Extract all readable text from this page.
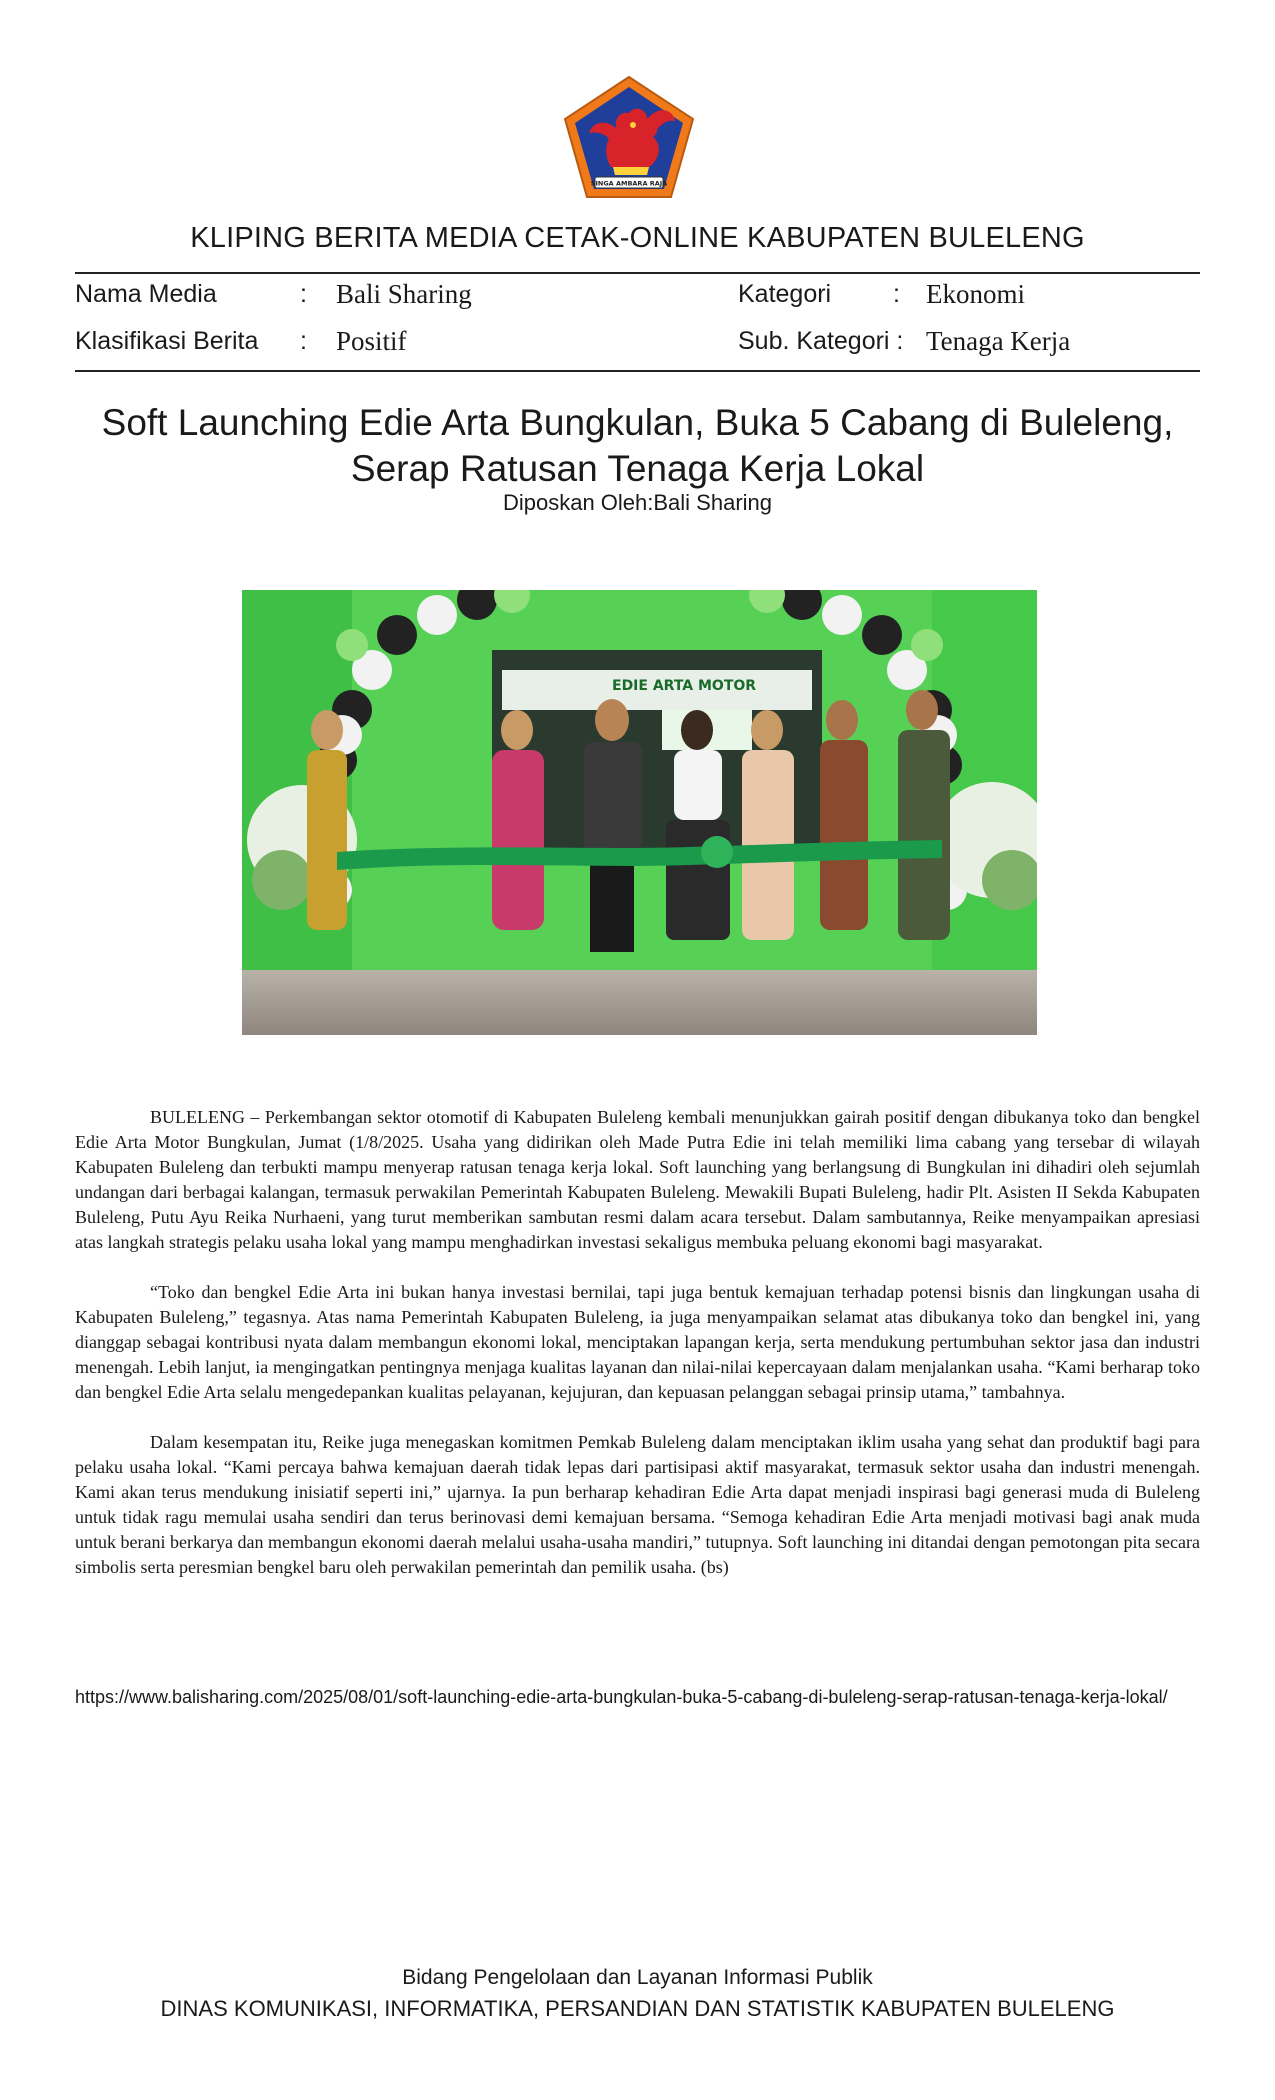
SINGA AMBARA RAJA
KLIPING BERITA MEDIA CETAK-ONLINE KABUPATEN BULELENG
Nama Media	: Bali Sharing	Kategori : Ekonomi
Klasifikasi Berita : Positif	Sub. Kategori : Tenaga Kerja
Soft Launching Edie Arta Bungkulan, Buka 5 Cabang di Buleleng,
Serap Ratusan Tenaga Kerja Lokal
Diposkan Oleh:Bali Sharing
EDIE ARTA MOTOR

BULELENG – Perkembangan sektor otomotif di Kabupaten Buleleng kembali menunjukkan gairah positif dengan dibukanya toko dan bengkel Edie Arta Motor Bungkulan, Jumat (1/8/2025. Usaha yang didirikan oleh Made Putra Edie ini telah memiliki lima cabang yang tersebar di wilayah Kabupaten Buleleng dan terbukti mampu menyerap ratusan tenaga kerja lokal. Soft launching yang berlangsung di Bungkulan ini dihadiri oleh sejumlah undangan dari berbagai kalangan, termasuk perwakilan Pemerintah Kabupaten Buleleng. Mewakili Bupati Buleleng, hadir Plt. Asisten II Sekda Kabupaten Buleleng, Putu Ayu Reika Nurhaeni, yang turut memberikan sambutan resmi dalam acara tersebut. Dalam sambutannya, Reike menyampaikan apresiasi atas langkah strategis pelaku usaha lokal yang mampu menghadirkan investasi sekaligus membuka peluang ekonomi bagi masyarakat.

“Toko dan bengkel Edie Arta ini bukan hanya investasi bernilai, tapi juga bentuk kemajuan terhadap potensi bisnis dan lingkungan usaha di Kabupaten Buleleng,” tegasnya. Atas nama Pemerintah Kabupaten Buleleng, ia juga menyampaikan selamat atas dibukanya toko dan bengkel ini, yang dianggap sebagai kontribusi nyata dalam membangun ekonomi lokal, menciptakan lapangan kerja, serta mendukung pertumbuhan sektor jasa dan industri menengah. Lebih lanjut, ia mengingatkan pentingnya menjaga kualitas layanan dan nilai-nilai kepercayaan dalam menjalankan usaha. “Kami berharap toko dan bengkel Edie Arta selalu mengedepankan kualitas pelayanan, kejujuran, dan kepuasan pelanggan sebagai prinsip utama,” tambahnya.

Dalam kesempatan itu, Reike juga menegaskan komitmen Pemkab Buleleng dalam menciptakan iklim usaha yang sehat dan produktif bagi para pelaku usaha lokal. “Kami percaya bahwa kemajuan daerah tidak lepas dari partisipasi aktif masyarakat, termasuk sektor usaha dan industri menengah. Kami akan terus mendukung inisiatif seperti ini,” ujarnya. Ia pun berharap kehadiran Edie Arta dapat menjadi inspirasi bagi generasi muda di Buleleng untuk tidak ragu memulai usaha sendiri dan terus berinovasi demi kemajuan bersama. “Semoga kehadiran Edie Arta menjadi motivasi bagi anak muda untuk berani berkarya dan membangun ekonomi daerah melalui usaha-usaha mandiri,” tutupnya. Soft launching ini ditandai dengan pemotongan pita secara simbolis serta peresmian bengkel baru oleh perwakilan pemerintah dan pemilik usaha. (bs)

https://www.balisharing.com/2025/08/01/soft-launching-edie-arta-bungkulan-buka-5-cabang-di-buleleng-serap-ratusan-tenaga-kerja-lokal/
Bidang Pengelolaan dan Layanan Informasi Publik
DINAS KOMUNIKASI, INFORMATIKA, PERSANDIAN DAN STATISTIK KABUPATEN BULELENG
